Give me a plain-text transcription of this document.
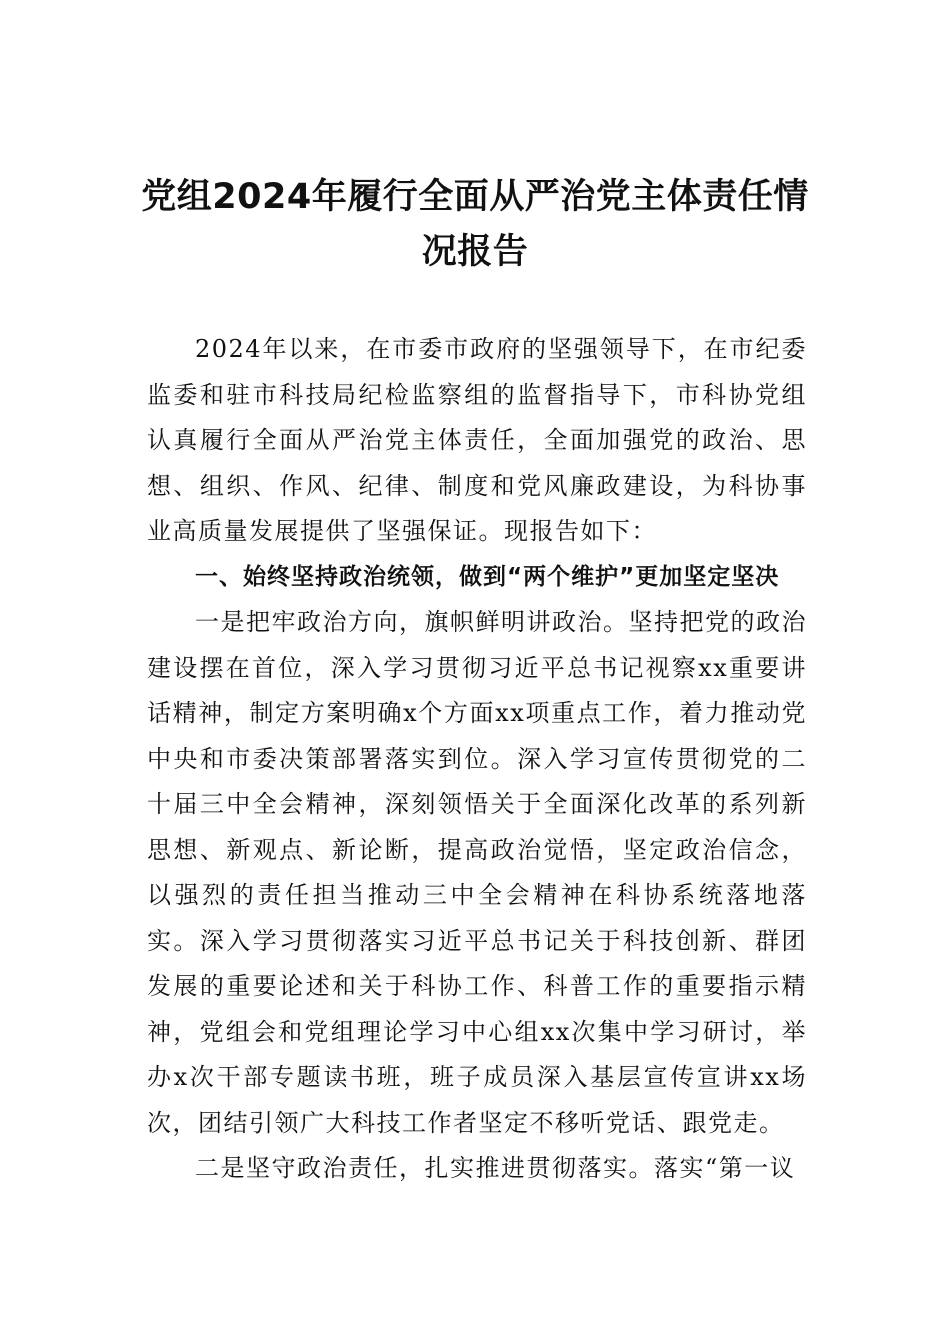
党组2024年履行全面从严治党主体责任情况报告

2024年以来，在市委市政府的坚强领导下，在市纪委监委和驻市科技局纪检监察组的监督指导下，市科协党组认真履行全面从严治党主体责任，全面加强党的政治、思想、组织、作风、纪律、制度和党风廉政建设，为科协事业高质量发展提供了坚强保证。现报告如下：

一、始终坚持政治统领，做到“两个维护”更加坚定坚决

一是把牢政治方向，旗帜鲜明讲政治。坚持把党的政治建设摆在首位，深入学习贯彻习近平总书记视察xx重要讲话精神，制定方案明确x个方面xx项重点工作，着力推动党中央和市委决策部署落实到位。深入学习宣传贯彻党的二十届三中全会精神，深刻领悟关于全面深化改革的系列新思想、新观点、新论断，提高政治觉悟，坚定政治信念，以强烈的责任担当推动三中全会精神在科协系统落地落实。深入学习贯彻落实习近平总书记关于科技创新、群团发展的重要论述和关于科协工作、科普工作的重要指示精神，党组会和党组理论学习中心组xx次集中学习研讨，举办x次干部专题读书班，班子成员深入基层宣传宣讲xx场次，团结引领广大科技工作者坚定不移听党话、跟党走。

二是坚守政治责任，扎实推进贯彻落实。落实“第一议
